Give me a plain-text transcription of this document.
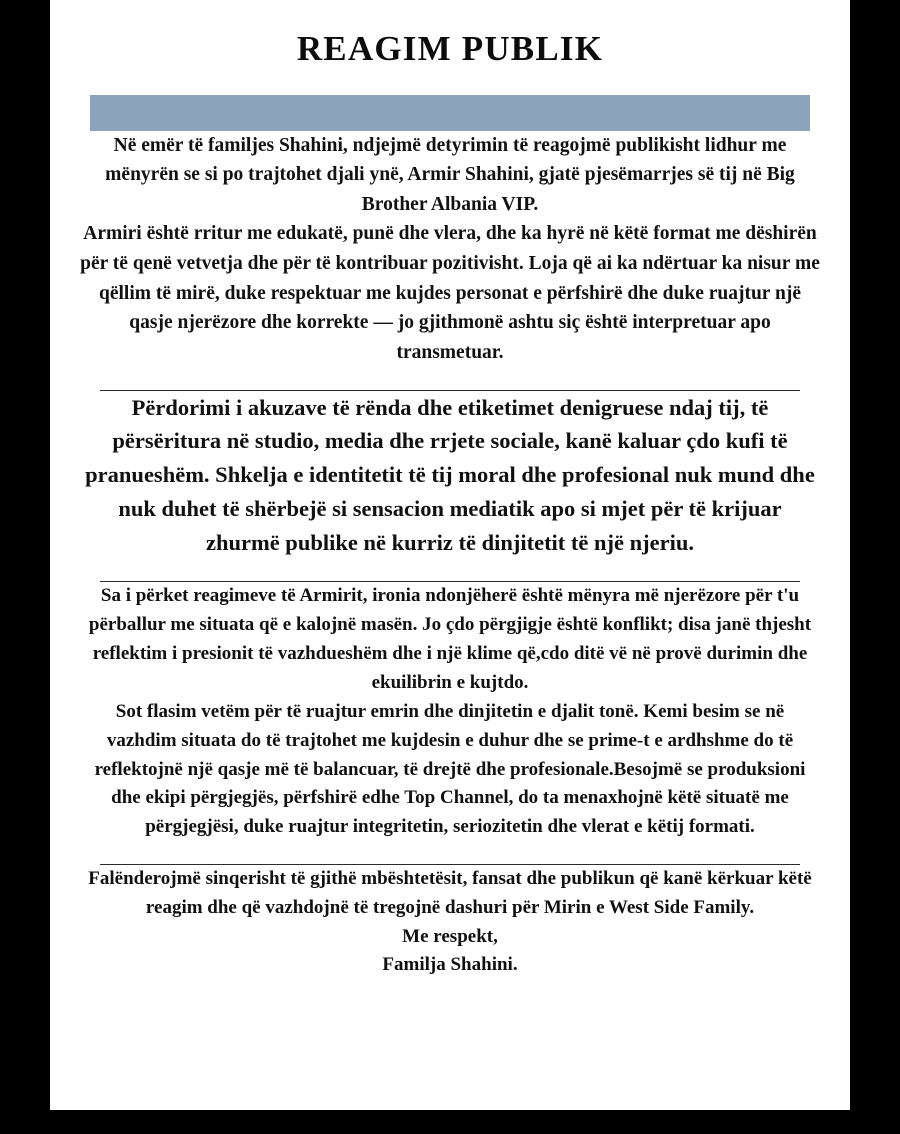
REAGIM PUBLIK

Në emër të familjes Shahini, ndjejmë detyrimin të reagojmë publikisht lidhur me mënyrën se si po trajtohet djali ynë, Armir Shahini, gjatë pjesëmarrjes së tij në Big Brother Albania VIP.

Armiri është rritur me edukatë, punë dhe vlera, dhe ka hyrë në këtë format me dëshirën për të qenë vetvetja dhe për të kontribuar pozitivisht. Loja që ai ka ndërtuar ka nisur me qëllim të mirë, duke respektuar me kujdes personat e përfshirë dhe duke ruajtur një qasje njerëzore dhe korrekte — jo gjithmonë ashtu siç është interpretuar apo transmetuar.

Përdorimi i akuzave të rënda dhe etiketimet denigruese ndaj tij, të përsëritura në studio, media dhe rrjete sociale, kanë kaluar çdo kufi të pranueshëm. Shkelja e identitetit të tij moral dhe profesional nuk mund dhe nuk duhet të shërbejë si sensacion mediatik apo si mjet për të krijuar zhurmë publike në kurriz të dinjitetit të një njeriu.

Sa i përket reagimeve të Armirit, ironia ndonjëherë është mënyra më njerëzore për t'u përballur me situata që e kalojnë masën. Jo çdo përgjigje është konflikt; disa janë thjesht reflektim i presionit të vazhdueshëm dhe i një klime që,cdo ditë vë në provë durimin dhe ekuilibrin e kujtdo.

Sot flasim vetëm për të ruajtur emrin dhe dinjitetin e djalit tonë. Kemi besim se në vazhdim situata do të trajtohet me kujdesin e duhur dhe se prime-t e ardhshme do të reflektojnë një qasje më të balancuar, të drejtë dhe profesionale.Besojmë se produksioni dhe ekipi përgjegjës, përfshirë edhe Top Channel, do ta menaxhojnë këtë situatë me përgjegjësi, duke ruajtur integritetin, seriozitetin dhe vlerat e këtij formati.

Falënderojmë sinqerisht të gjithë mbështetësit, fansat dhe publikun që kanë kërkuar këtë reagim dhe që vazhdojnë të tregojnë dashuri për Mirin e West Side Family.

Me respekt,

Familja Shahini.
